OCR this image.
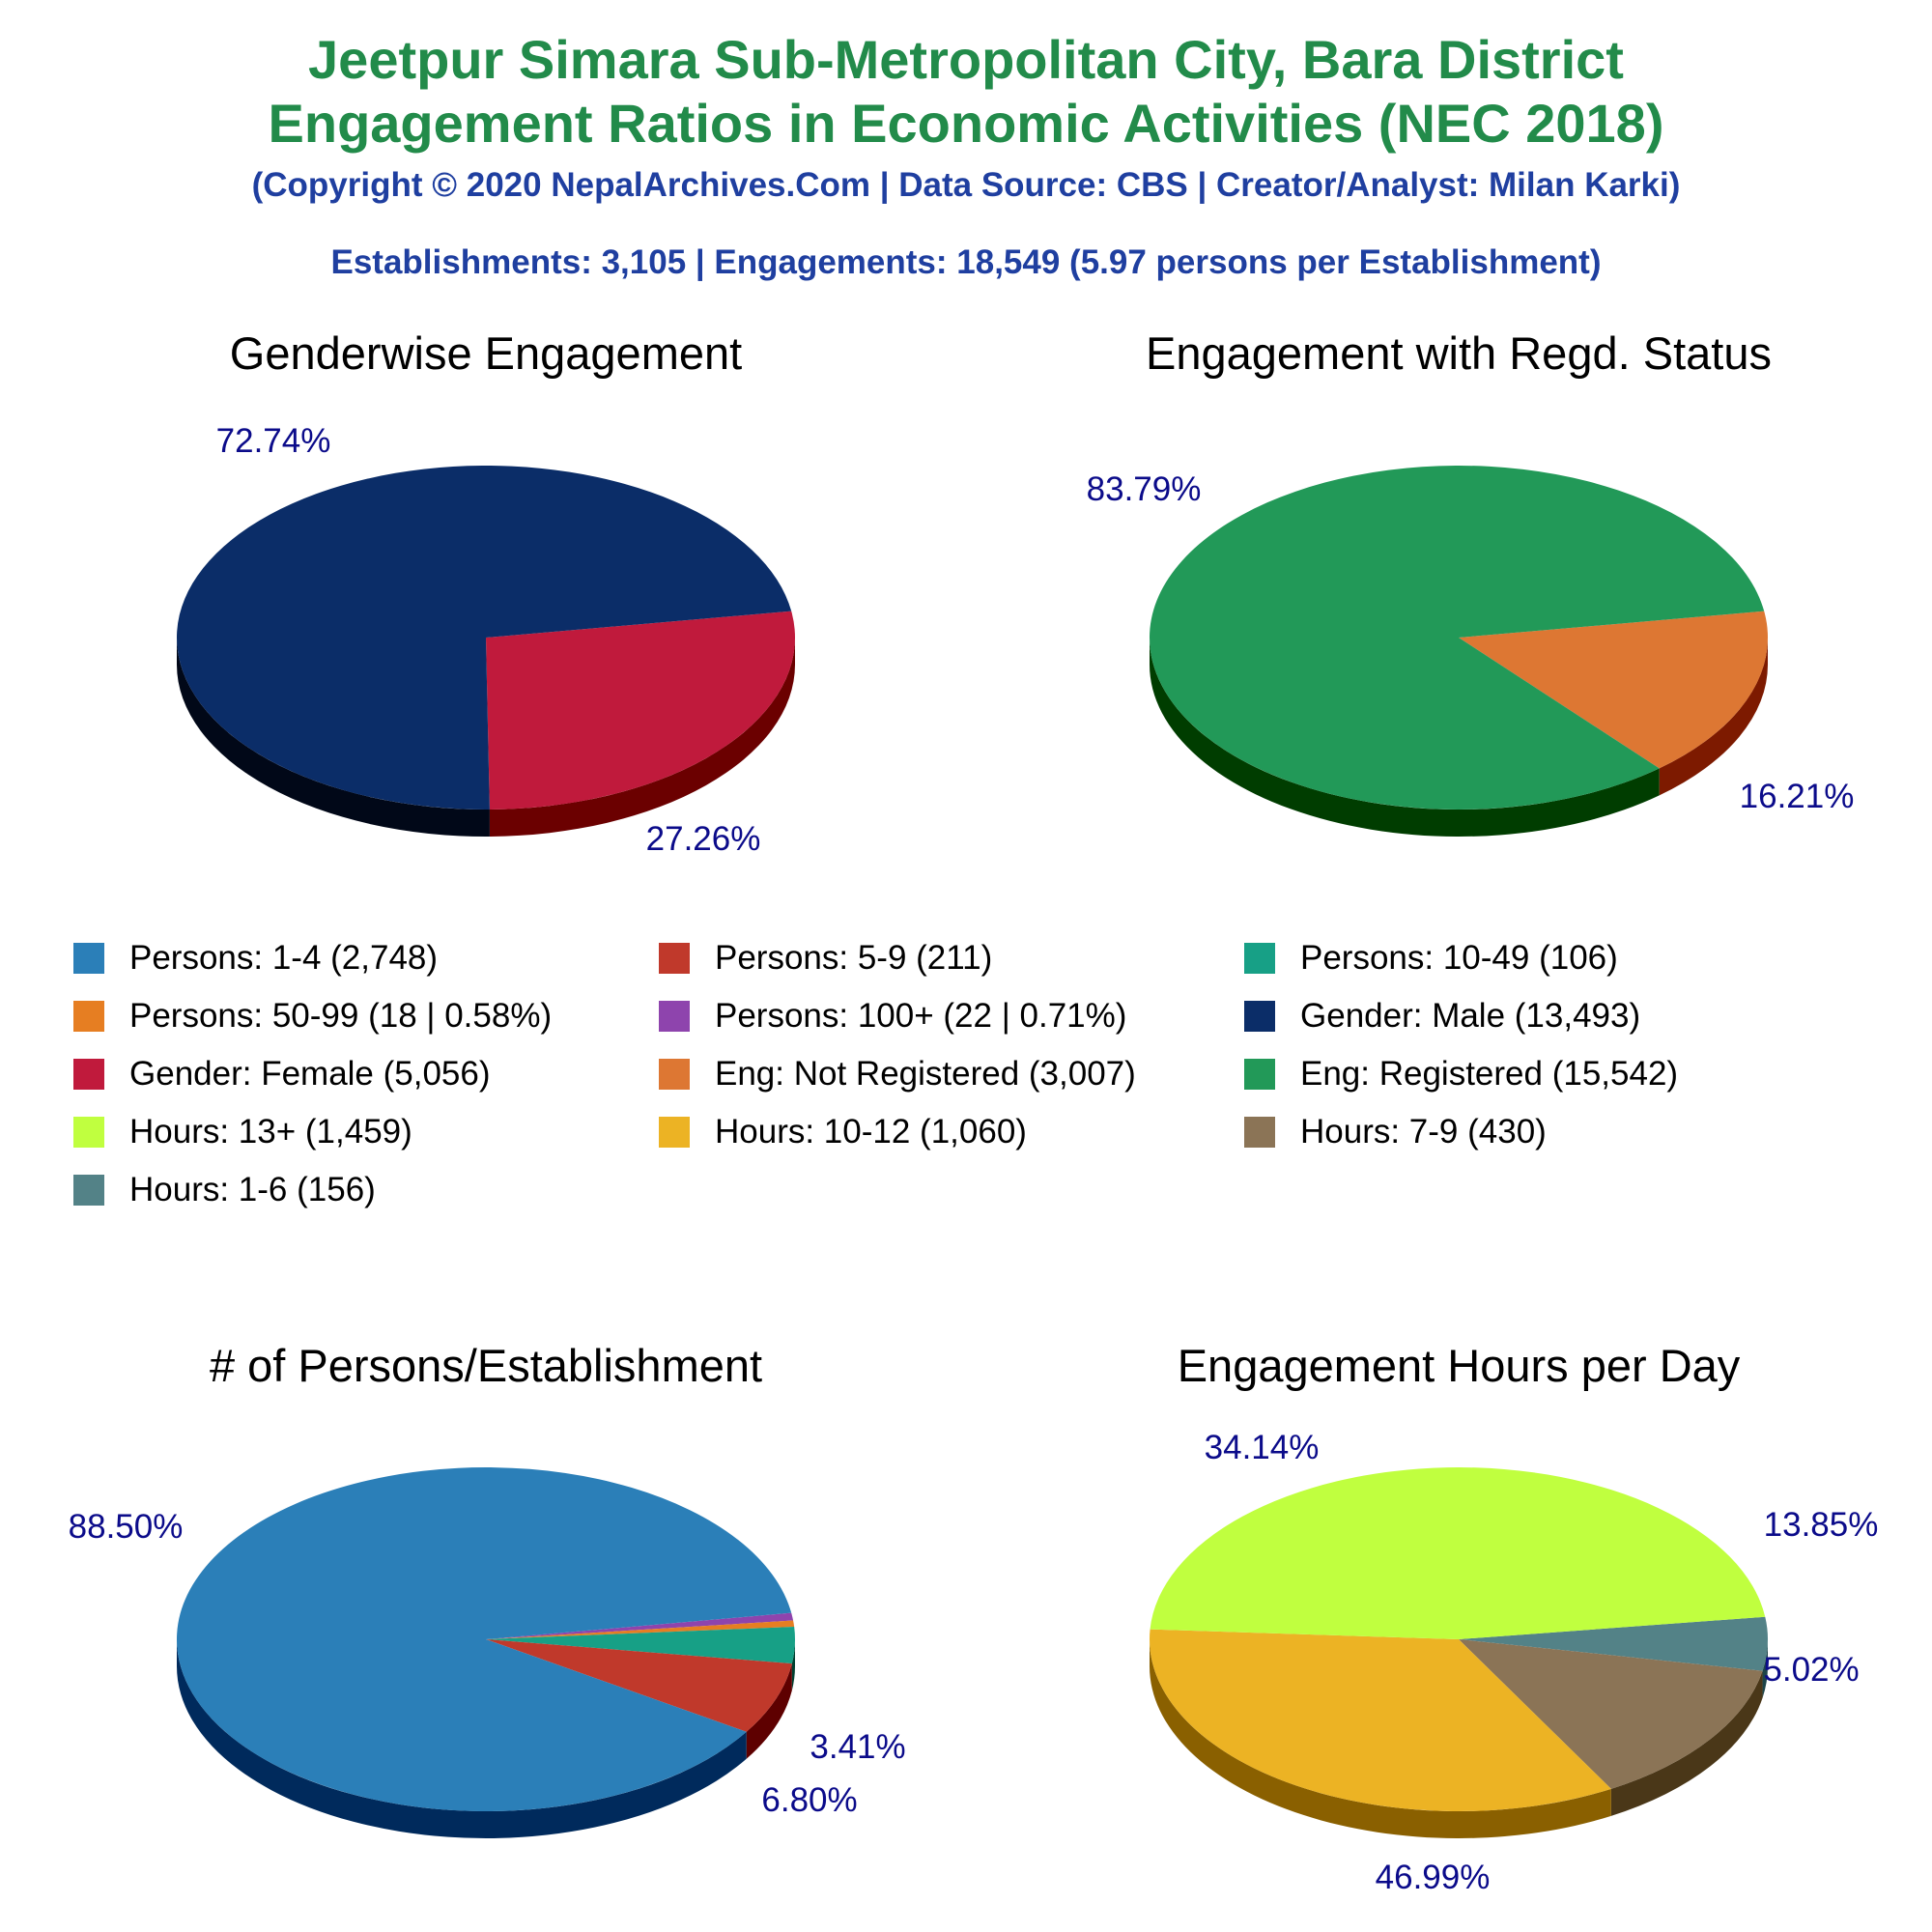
Jeetpur Simara Sub-Metropolitan City, Bara District
Engagement Ratios in Economic Activities (NEC 2018)
(Copyright © 2020 NepalArchives.Com | Data Source: CBS | Creator/Analyst: Milan Karki)
Establishments: 3,105 | Engagements: 18,549 (5.97 persons per Establishment)
Genderwise Engagement
27.26%
72.74%
Engagement with Regd. Status
16.21%
83.79%
# of Persons/Establishment
3.41%
6.80%
88.50%
Engagement Hours per Day
5.02%
13.85%
34.14%
46.99%
Persons: 1-4 (2,748)	Persons: 5-9 (211)	Persons: 10-49 (106)
Persons: 50-99 (18 | 0.58%)	Persons: 100+ (22 | 0.71%)	Gender: Male (13,493)
Gender: Female (5,056)	Eng: Not Registered (3,007)	Eng: Registered (15,542)
Hours: 13+ (1,459)	Hours: 10-12 (1,060)	Hours: 7-9 (430)
Hours: 1-6 (156)
